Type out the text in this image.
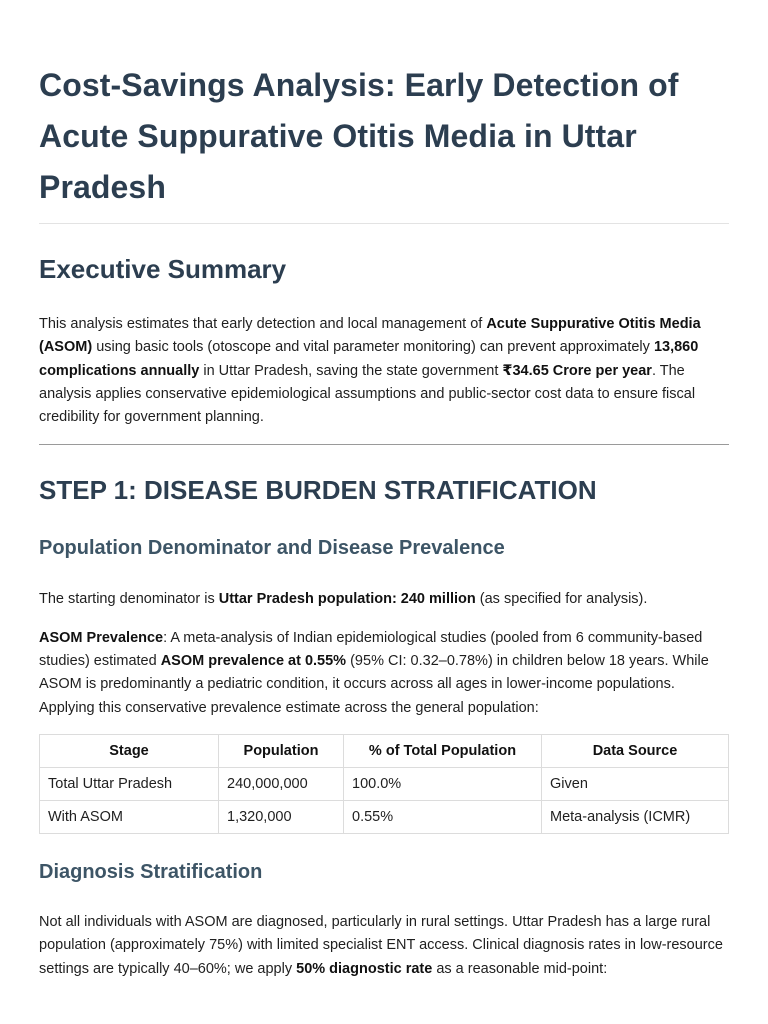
Cost-Savings Analysis: Early Detection of Acute Suppurative Otitis Media in Uttar Pradesh
Executive Summary

This analysis estimates that early detection and local management of Acute Suppurative Otitis Media (ASOM) using basic tools (otoscope and vital parameter monitoring) can prevent approximately 13,860 complications annually in Uttar Pradesh, saving the state government ₹34.65 Crore per year. The analysis applies conservative epidemiological assumptions and public-sector cost data to ensure fiscal credibility for government planning.

STEP 1: DISEASE BURDEN STRATIFICATION
Population Denominator and Disease Prevalence

The starting denominator is Uttar Pradesh population: 240 million (as specified for analysis).

ASOM Prevalence: A meta-analysis of Indian epidemiological studies (pooled from 6 community-based studies) estimated ASOM prevalence at 0.55% (95% CI: 0.32–0.78%) in children below 18 years. While ASOM is predominantly a pediatric condition, it occurs across all ages in lower-income populations. Applying this conservative prevalence estimate across the general population:

Stage	Population	% of Total Population	Data Source
Total Uttar Pradesh	240,000,000	100.0%	Given
With ASOM	1,320,000	0.55%	Meta-analysis (ICMR)
Diagnosis Stratification

Not all individuals with ASOM are diagnosed, particularly in rural settings. Uttar Pradesh has a large rural population (approximately 75%) with limited specialist ENT access. Clinical diagnosis rates in low-resource settings are typically 40–60%; we apply 50% diagnostic rate as a reasonable mid-point:
